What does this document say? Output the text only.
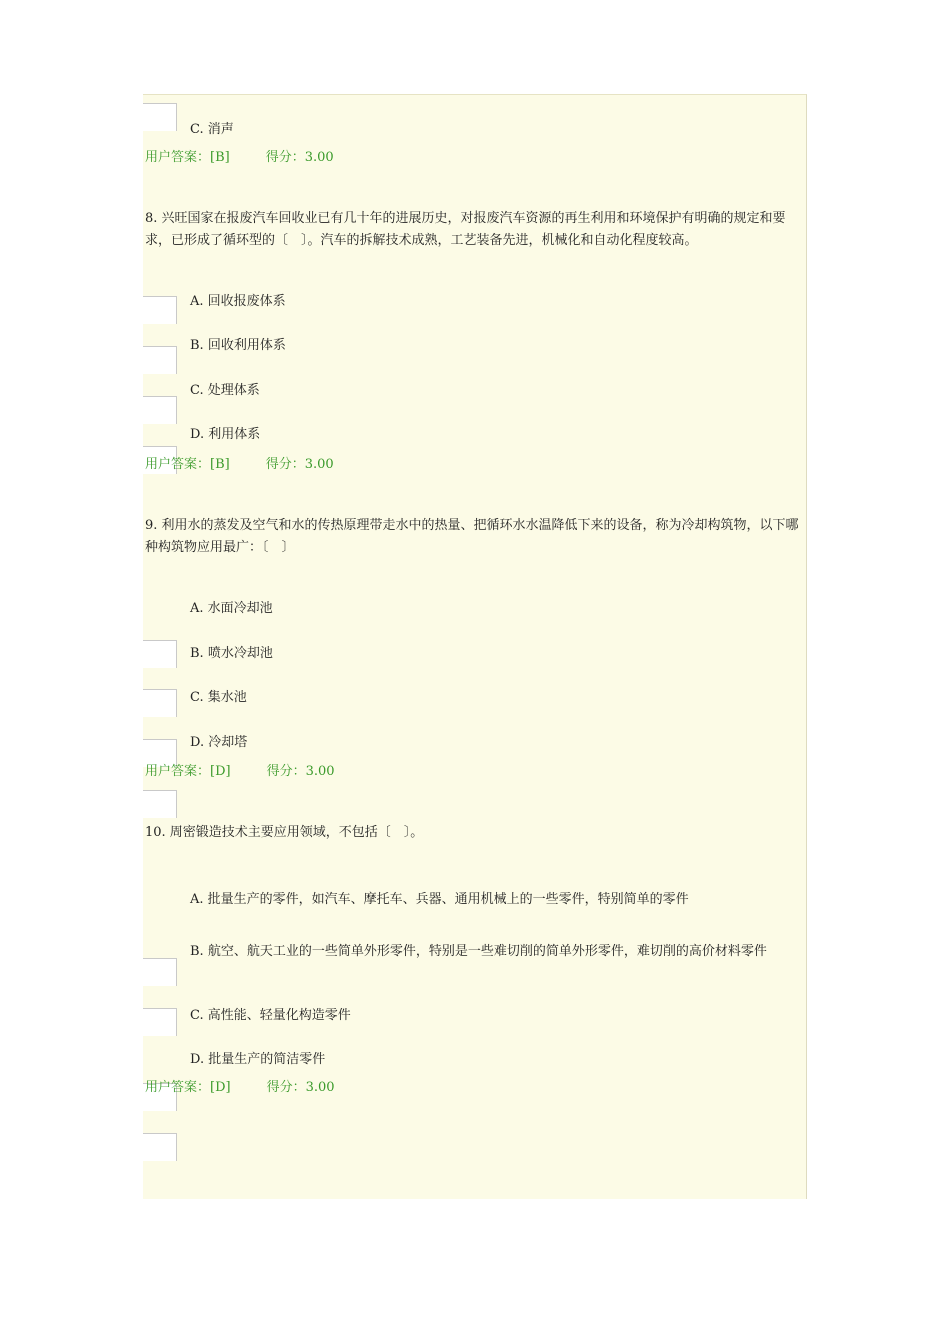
C. 消声
用户答案：[B]	得分：3.00
8. 兴旺国家在报废汽车回收业已有几十年的进展历史，对报废汽车资源的再生利用和环境保护有明确的规定和要求，已形成了循环型的〔　〕。汽车的拆解技术成熟，工艺装备先进，机械化和自动化程度较高。
A. 回收报废体系
B. 回收利用体系
C. 处理体系
D. 利用体系
用户答案：[B]	得分：3.00
9. 利用水的蒸发及空气和水的传热原理带走水中的热量、把循环水水温降低下来的设备，称为冷却构筑物，以下哪种构筑物应用最广：〔　〕
A. 水面冷却池
B. 喷水冷却池
C. 集水池
D. 冷却塔
用户答案：[D]	得分：3.00
10. 周密锻造技术主要应用领域，不包括〔　〕。
A. 批量生产的零件，如汽车、摩托车、兵器、通用机械上的一些零件，特别简单的零件
B. 航空、航天工业的一些简单外形零件，特别是一些难切削的简单外形零件，难切削的高价材料零件
C. 高性能、轻量化构造零件
D. 批量生产的简洁零件
用户答案：[D]	得分：3.00
